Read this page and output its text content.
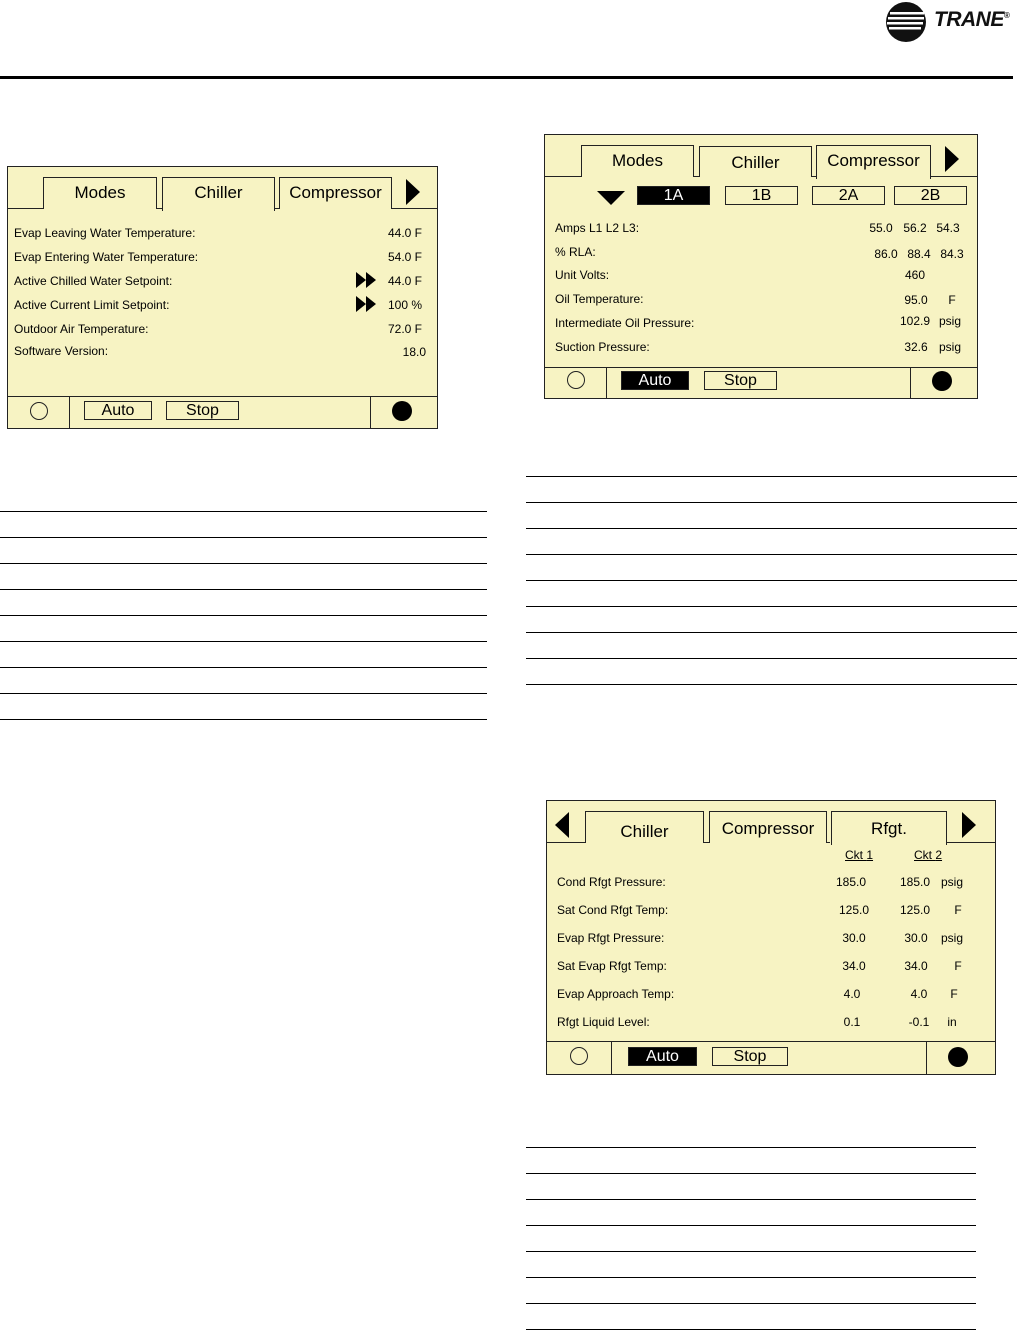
TRANE®
Modes	Chiller	Compressor
Evap Leaving Water Temperature:	44.0 F
Evap Entering Water Temperature:	54.0 F
Active Chilled Water Setpoint:	44.0 F
Active Current Limit Setpoint:	100 %
Outdoor Air Temperature:	72.0 F
Software Version:	18.0
Auto	Stop
Modes	Chiller	Compressor
1A	1B	2A	2B
Amps L1 L2 L3:	55.0 56.2 54.3
% RLA:	86.0 88.4 84.3
Unit Volts:	460
Oil Temperature:	95.0	F
Intermediate Oil Pressure:	102.9 psig
Suction Pressure:	32.6 psig
Auto	Stop
Chiller	Compressor	Rfgt.
Ckt 1	Ckt 2
Cond Rfgt Pressure:	185.0	185.0 psig
Sat Cond Rfgt Temp:	125.0	125.0	F
Evap Rfgt Pressure:	30.0	30.0	psig
Sat Evap Rfgt Temp:	34.0	34.0	F
Evap Approach Temp:	4.0	4.0	F
Rfgt Liquid Level:	0.1	-0.1	in
Auto	Stop
